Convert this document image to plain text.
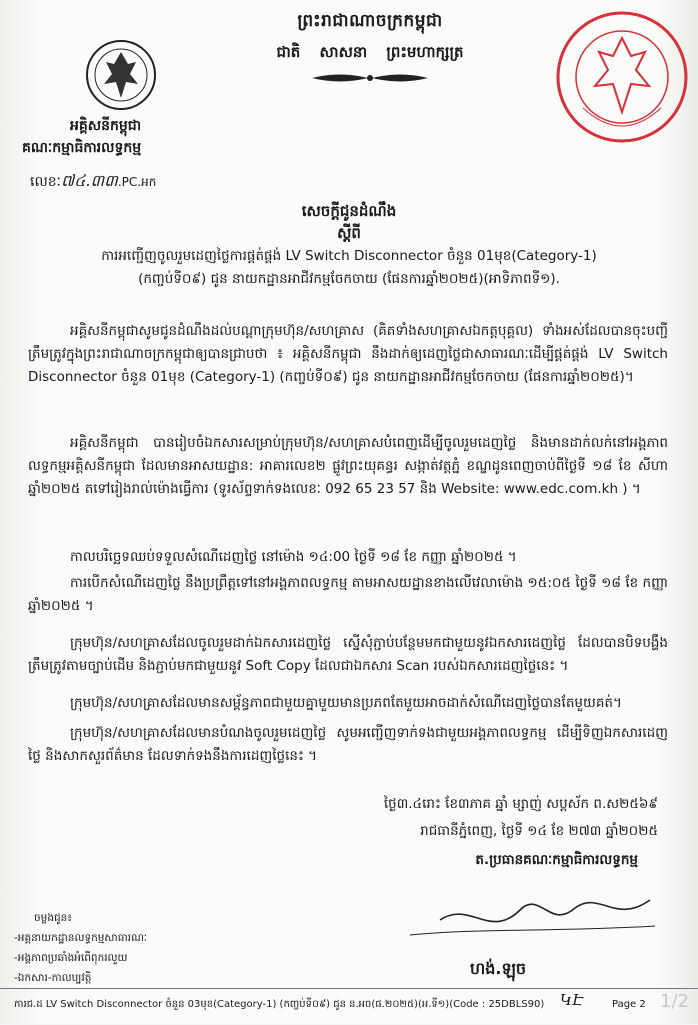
ព្រះរាជាណាចក្រកម្ពុជា
ជាតិ សាសនា ព្រះមហាក្សត្រ
អគ្គិសនីកម្ពុជា
គណៈកម្មាធិការលទ្ធកម្ម
លេខៈ៧៤.៣៣.PC.អក
សេចក្តីជូនដំណឹង
ស្តីពី
ការអញ្ជើញចូលរួមដេញថ្លៃការផ្គត់ផ្គង់ LV Switch Disconnector ចំនួន 01មុខ(Category-1)
(កញ្ចប់ទី០៩) ជូន នាយកដ្ឋានអាជីវកម្មចែកចាយ (ផែនការឆ្នាំ២០២៥)(អាទិភាពទី១).
អគ្គិសនីកម្ពុជាសូមជូនដំណឹងដល់បណ្តាក្រុមហ៊ុន/សហគ្រាស (គិតទាំងសហគ្រាសឯកត្តបុគ្គល) ទាំងអស់ដែលបានចុះបញ្ជីត្រឹមត្រូវក្នុងព្រះរាជាណាចក្រកម្ពុជាឲ្យបានជ្រាបថា ៖ អគ្គិសនីកម្ពុជា នឹងដាក់ឲ្យដេញថ្លៃជាសាធារណៈដើម្បីផ្គត់ផ្គង់ LV Switch Disconnector ចំនួន 01មុខ (Category-1) (កញ្ចប់ទី០៩) ជូន នាយកដ្ឋានអាជីវកម្មចែកចាយ (ផែនការឆ្នាំ២០២៥)។
អគ្គិសនីកម្ពុជា បានរៀបចំឯកសារសម្រាប់ក្រុមហ៊ុន/សហគ្រាសបំពេញដើម្បីចូលរួមដេញថ្លៃ និងមានដាក់លក់នៅអង្គភាពលទ្ធកម្មអគ្គិសនីកម្ពុជា ដែលមានអាសយដ្ឋាន: អាគារលេខ២ ផ្លូវព្រះយុគន្ធរ សង្កាត់វត្តភ្នំ ខណ្ឌដូនពេញចាប់ពីថ្ងៃទី ១៨ ខែ សីហា ឆ្នាំ២០២៥ តទៅរៀងរាល់ម៉ោងធ្វើការ (ទូរស័ព្ទទាក់ទងលេខៈ 092 65 23 57 និង Website: www.edc.com.kh ) ។
កាលបរិច្ឆេទឈប់ទទួលសំណើដេញថ្លៃ នៅម៉ោង ១៤:00 ថ្ងៃទី ១៨ ខែ កញ្ញា ឆ្នាំ២០២៥ ។
ការបើកសំណើដេញថ្លៃ នឹងប្រព្រឹត្តទៅនៅអង្គភាពលទ្ធកម្ម តាមអាសយដ្ឋានខាងលើវេលាម៉ោង ១៥:០៥ ថ្ងៃទី ១៨ ខែ កញ្ញា ឆ្នាំ២០២៥ ។
ក្រុមហ៊ុន/សហគ្រាសដែលចូលរួមដាក់ឯកសារដេញថ្លៃ ស្នើសុំភ្ជាប់បន្ថែមមកជាមួយនូវឯកសារដេញថ្លៃ ដែលបានបិទបង្ហឹងត្រឹមត្រូវតាមច្បាប់ដើម និងភ្ជាប់មកជាមួយនូវ Soft Copy ដែលជាឯកសារ Scan របស់ឯកសារដេញថ្លៃនេះ ។
ក្រុមហ៊ុន/សហគ្រាសដែលមានសម្ព័ន្ធភាពជាមួយគ្នាមួយមានប្រភពតែមួយអាចដាក់សំណើដេញថ្លៃបានតែមួយគត់។
ក្រុមហ៊ុន/សហគ្រាសដែលមានបំណងចូលរួមដេញថ្លៃ សូមអញ្ជើញទាក់ទងជាមួយអង្គភាពលទ្ធកម្ម ដើម្បីទិញឯកសារដេញថ្លៃ និងសាកសួរព័ត៌មាន ដែលទាក់ទងនឹងការដេញថ្លៃនេះ ។
ថ្ងៃ៣.៤រោះ ខែ៣ភាគ ឆ្នាំ ម្សាញ់ សប្តស័ក ព.ស២៥៦៩
រាជធានីភ្នំពេញ, ថ្ងៃទី ១៤ ខែ ២៧៣ ឆ្នាំ២០២៥
ត.ប្រធានគណៈកម្មាធិការលទ្ធកម្ម
ហង់.ឡុច
ចម្លងជូន៖
-អគ្គនាយកដ្ឋានលទ្ធកម្មសាធារណៈ
-អង្គភាពប្រឆាំងអំពើពុករលួយ
-ឯកសារ-កាលប្បវត្តិ
ការជ.ដ LV Switch Disconnector ចំនួន 03មុខ(Category-1) (កញ្ចប់ទី០៩) ជូន ន.អច(ផ.២០២៥)(អ.ទី១)(Code : 25DBLS90) ԿԷ	Page 2 1/2
